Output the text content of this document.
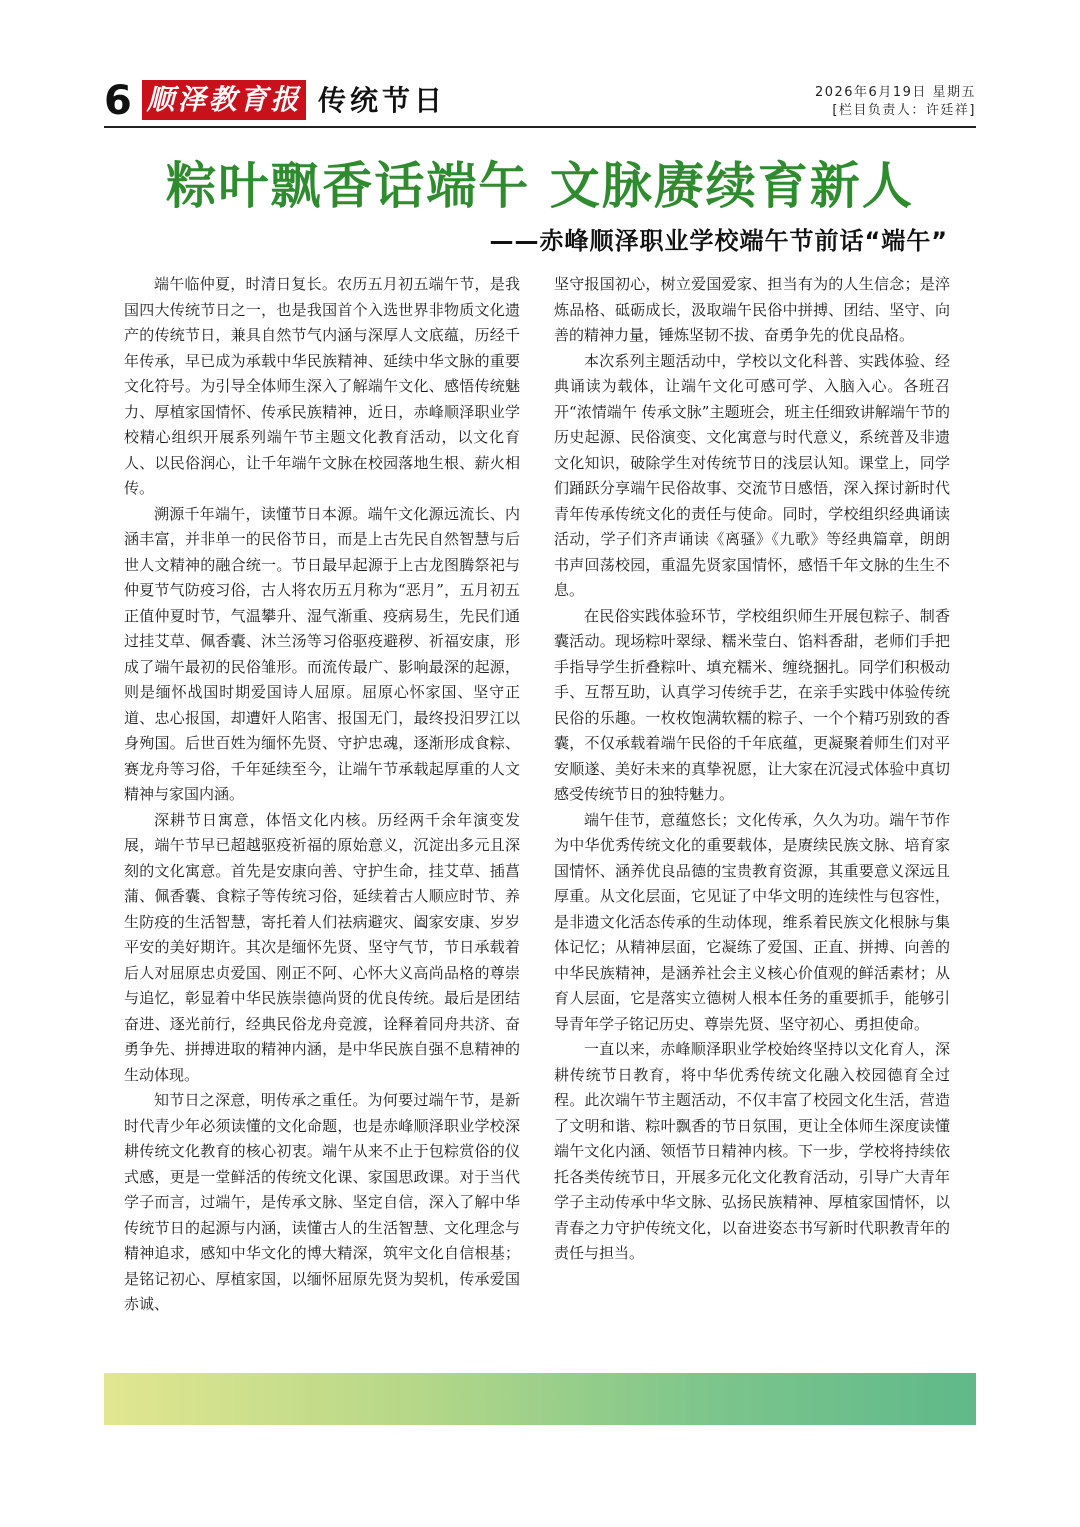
6 顺泽教育报 传统节日	2026年6月19日 星期五
[栏目负责人：许廷祥]
粽叶飘香话端午 文脉赓续育新人
——赤峰顺泽职业学校端午节前话“端午”

端午临仲夏，时清日复长。农历五月初五端午节，是我国四大传统节日之一，也是我国首个入选世界非物质文化遗产的传统节日，兼具自然节气内涵与深厚人文底蕴，历经千年传承，早已成为承载中华民族精神、延续中华文脉的重要文化符号。为引导全体师生深入了解端午文化、感悟传统魅力、厚植家国情怀、传承民族精神，近日，赤峰顺泽职业学校精心组织开展系列端午节主题文化教育活动，以文化育人、以民俗润心，让千年端午文脉在校园落地生根、薪火相传。

溯源千年端午，读懂节日本源。端午文化源远流长、内涵丰富，并非单一的民俗节日，而是上古先民自然智慧与后世人文精神的融合统一。节日最早起源于上古龙图腾祭祀与仲夏节气防疫习俗，古人将农历五月称为“恶月”，五月初五正值仲夏时节，气温攀升、湿气渐重、疫病易生，先民们通过挂艾草、佩香囊、沐兰汤等习俗驱疫避秽、祈福安康，形成了端午最初的民俗雏形。而流传最广、影响最深的起源，则是缅怀战国时期爱国诗人屈原。屈原心怀家国、坚守正道、忠心报国，却遭奸人陷害、报国无门，最终投汨罗江以身殉国。后世百姓为缅怀先贤、守护忠魂，逐渐形成食粽、赛龙舟等习俗，千年延续至今，让端午节承载起厚重的人文精神与家国内涵。

深耕节日寓意，体悟文化内核。历经两千余年演变发展，端午节早已超越驱疫祈福的原始意义，沉淀出多元且深刻的文化寓意。首先是安康向善、守护生命，挂艾草、插菖蒲、佩香囊、食粽子等传统习俗，延续着古人顺应时节、养生防疫的生活智慧，寄托着人们祛病避灾、阖家安康、岁岁平安的美好期许。其次是缅怀先贤、坚守气节，节日承载着后人对屈原忠贞爱国、刚正不阿、心怀大义高尚品格的尊崇与追忆，彰显着中华民族崇德尚贤的优良传统。最后是团结奋进、逐光前行，经典民俗龙舟竞渡，诠释着同舟共济、奋勇争先、拼搏进取的精神内涵，是中华民族自强不息精神的生动体现。

知节日之深意，明传承之重任。为何要过端午节，是新时代青少年必须读懂的文化命题，也是赤峰顺泽职业学校深耕传统文化教育的核心初衷。端午从来不止于包粽赏俗的仪式感，更是一堂鲜活的传统文化课、家国思政课。对于当代学子而言，过端午，是传承文脉、坚定自信，深入了解中华传统节日的起源与内涵，读懂古人的生活智慧、文化理念与精神追求，感知中华文化的博大精深，筑牢文化自信根基；是铭记初心、厚植家国，以缅怀屈原先贤为契机，传承爱国赤诚、

坚守报国初心，树立爱国爱家、担当有为的人生信念；是淬炼品格、砥砺成长，汲取端午民俗中拼搏、团结、坚守、向善的精神力量，锤炼坚韧不拔、奋勇争先的优良品格。

本次系列主题活动中，学校以文化科普、实践体验、经典诵读为载体，让端午文化可感可学、入脑入心。各班召开“浓情端午 传承文脉”主题班会，班主任细致讲解端午节的历史起源、民俗演变、文化寓意与时代意义，系统普及非遗文化知识，破除学生对传统节日的浅层认知。课堂上，同学们踊跃分享端午民俗故事、交流节日感悟，深入探讨新时代青年传承传统文化的责任与使命。同时，学校组织经典诵读活动，学子们齐声诵读《离骚》《九歌》等经典篇章，朗朗书声回荡校园，重温先贤家国情怀，感悟千年文脉的生生不息。

在民俗实践体验环节，学校组织师生开展包粽子、制香囊活动。现场粽叶翠绿、糯米莹白、馅料香甜，老师们手把手指导学生折叠粽叶、填充糯米、缠绕捆扎。同学们积极动手、互帮互助，认真学习传统手艺，在亲手实践中体验传统民俗的乐趣。一枚枚饱满软糯的粽子、一个个精巧别致的香囊，不仅承载着端午民俗的千年底蕴，更凝聚着师生们对平安顺遂、美好未来的真挚祝愿，让大家在沉浸式体验中真切感受传统节日的独特魅力。

端午佳节，意蕴悠长；文化传承，久久为功。端午节作为中华优秀传统文化的重要载体，是赓续民族文脉、培育家国情怀、涵养优良品德的宝贵教育资源，其重要意义深远且厚重。从文化层面，它见证了中华文明的连续性与包容性，是非遗文化活态传承的生动体现，维系着民族文化根脉与集体记忆；从精神层面，它凝练了爱国、正直、拼搏、向善的中华民族精神，是涵养社会主义核心价值观的鲜活素材；从育人层面，它是落实立德树人根本任务的重要抓手，能够引导青年学子铭记历史、尊崇先贤、坚守初心、勇担使命。

一直以来，赤峰顺泽职业学校始终坚持以文化育人，深耕传统节日教育，将中华优秀传统文化融入校园德育全过程。此次端午节主题活动，不仅丰富了校园文化生活，营造了文明和谐、粽叶飘香的节日氛围，更让全体师生深度读懂端午文化内涵、领悟节日精神内核。下一步，学校将持续依托各类传统节日，开展多元化文化教育活动，引导广大青年学子主动传承中华文脉、弘扬民族精神、厚植家国情怀，以青春之力守护传统文化，以奋进姿态书写新时代职教青年的责任与担当。
